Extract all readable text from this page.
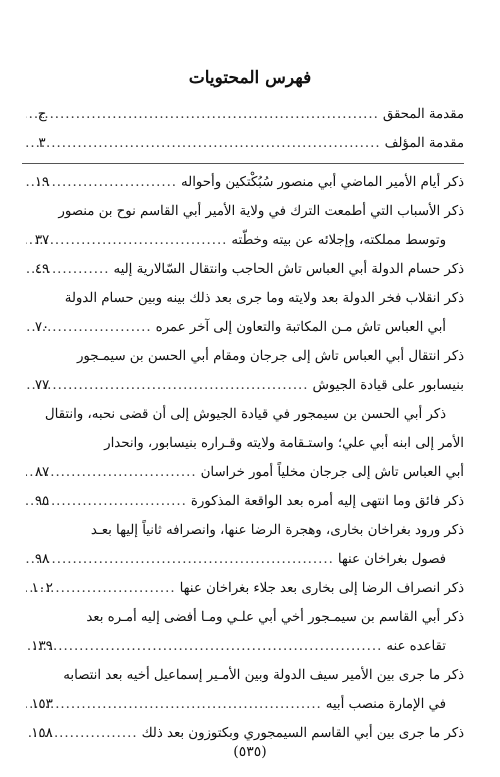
فهرس المحتويات
مقدمة المحقق
.....
ج
مقدمة المؤلف
.....
٣
ذكر أيام الأمير الماضي أبي منصور سُبُكْتكين وأحواله
.....
١٩
ذكر الأسباب التي أطمعت الترك في ولاية الأمير أبي القاسم نوح بن منصور
وتوسط مملكته، وإجلائه عن بيته وخطّته
.....
٣٧
ذكر حسام الدولة أبي العباس تاش الحاجب وانتقال السّالارية إليه
.....
٤٩
ذكر انقلاب فخر الدولة بعد ولايته وما جرى بعد ذلك بينه وبين حسام الدولة
أبي العباس تاش مـن المكاتبة والتعاون إلى آخر عمره
.....
٧٠
ذكر انتقال أبي العباس تاش إلى جرجان ومقام أبي الحسن بن سيمـجور
بنيسابور على قيادة الجيوش
.....
٧٧
ذكر أبي الحسن بن سيمجور في قيادة الجيوش إلى أن قضى نحبه، وانتقال
الأمر إلى ابنه أبي علي؛ واستـقامة ولايته وقـراره بنيسابور، وانحدار
أبي العباس تاش إلى جرجان مخلياً أمور خراسان
.....
٨٧
ذكر فائق وما انتهى إليه أمره بعد الواقعة المذكورة
.....
٩٥
ذكر ورود بغراخان بخارى، وهجرة الرضا عنها، وانصرافه ثانياً إليها بعـد
فصول بغراخان عنها
.....
٩٨
ذكر انصراف الرضا إلى بخارى بعد جلاء بغراخان عنها
.....
١٠٢
ذكر أبي القاسم بن سيمـجور أخي أبي علـي ومـا أفضى إليه أمـره بعد
تقاعده عنه
.....
١٣٩
ذكر ما جرى بين الأمير سيف الدولة وبين الأمـير إسماعيل أخيه بعد انتصابه
في الإمارة منصب أبيه
.....
١٥٣
ذكر ما جرى بين أبي القاسم السيمجوري وبكتوزون بعد ذلك
.....
١٥٨
(٥٣٥)
